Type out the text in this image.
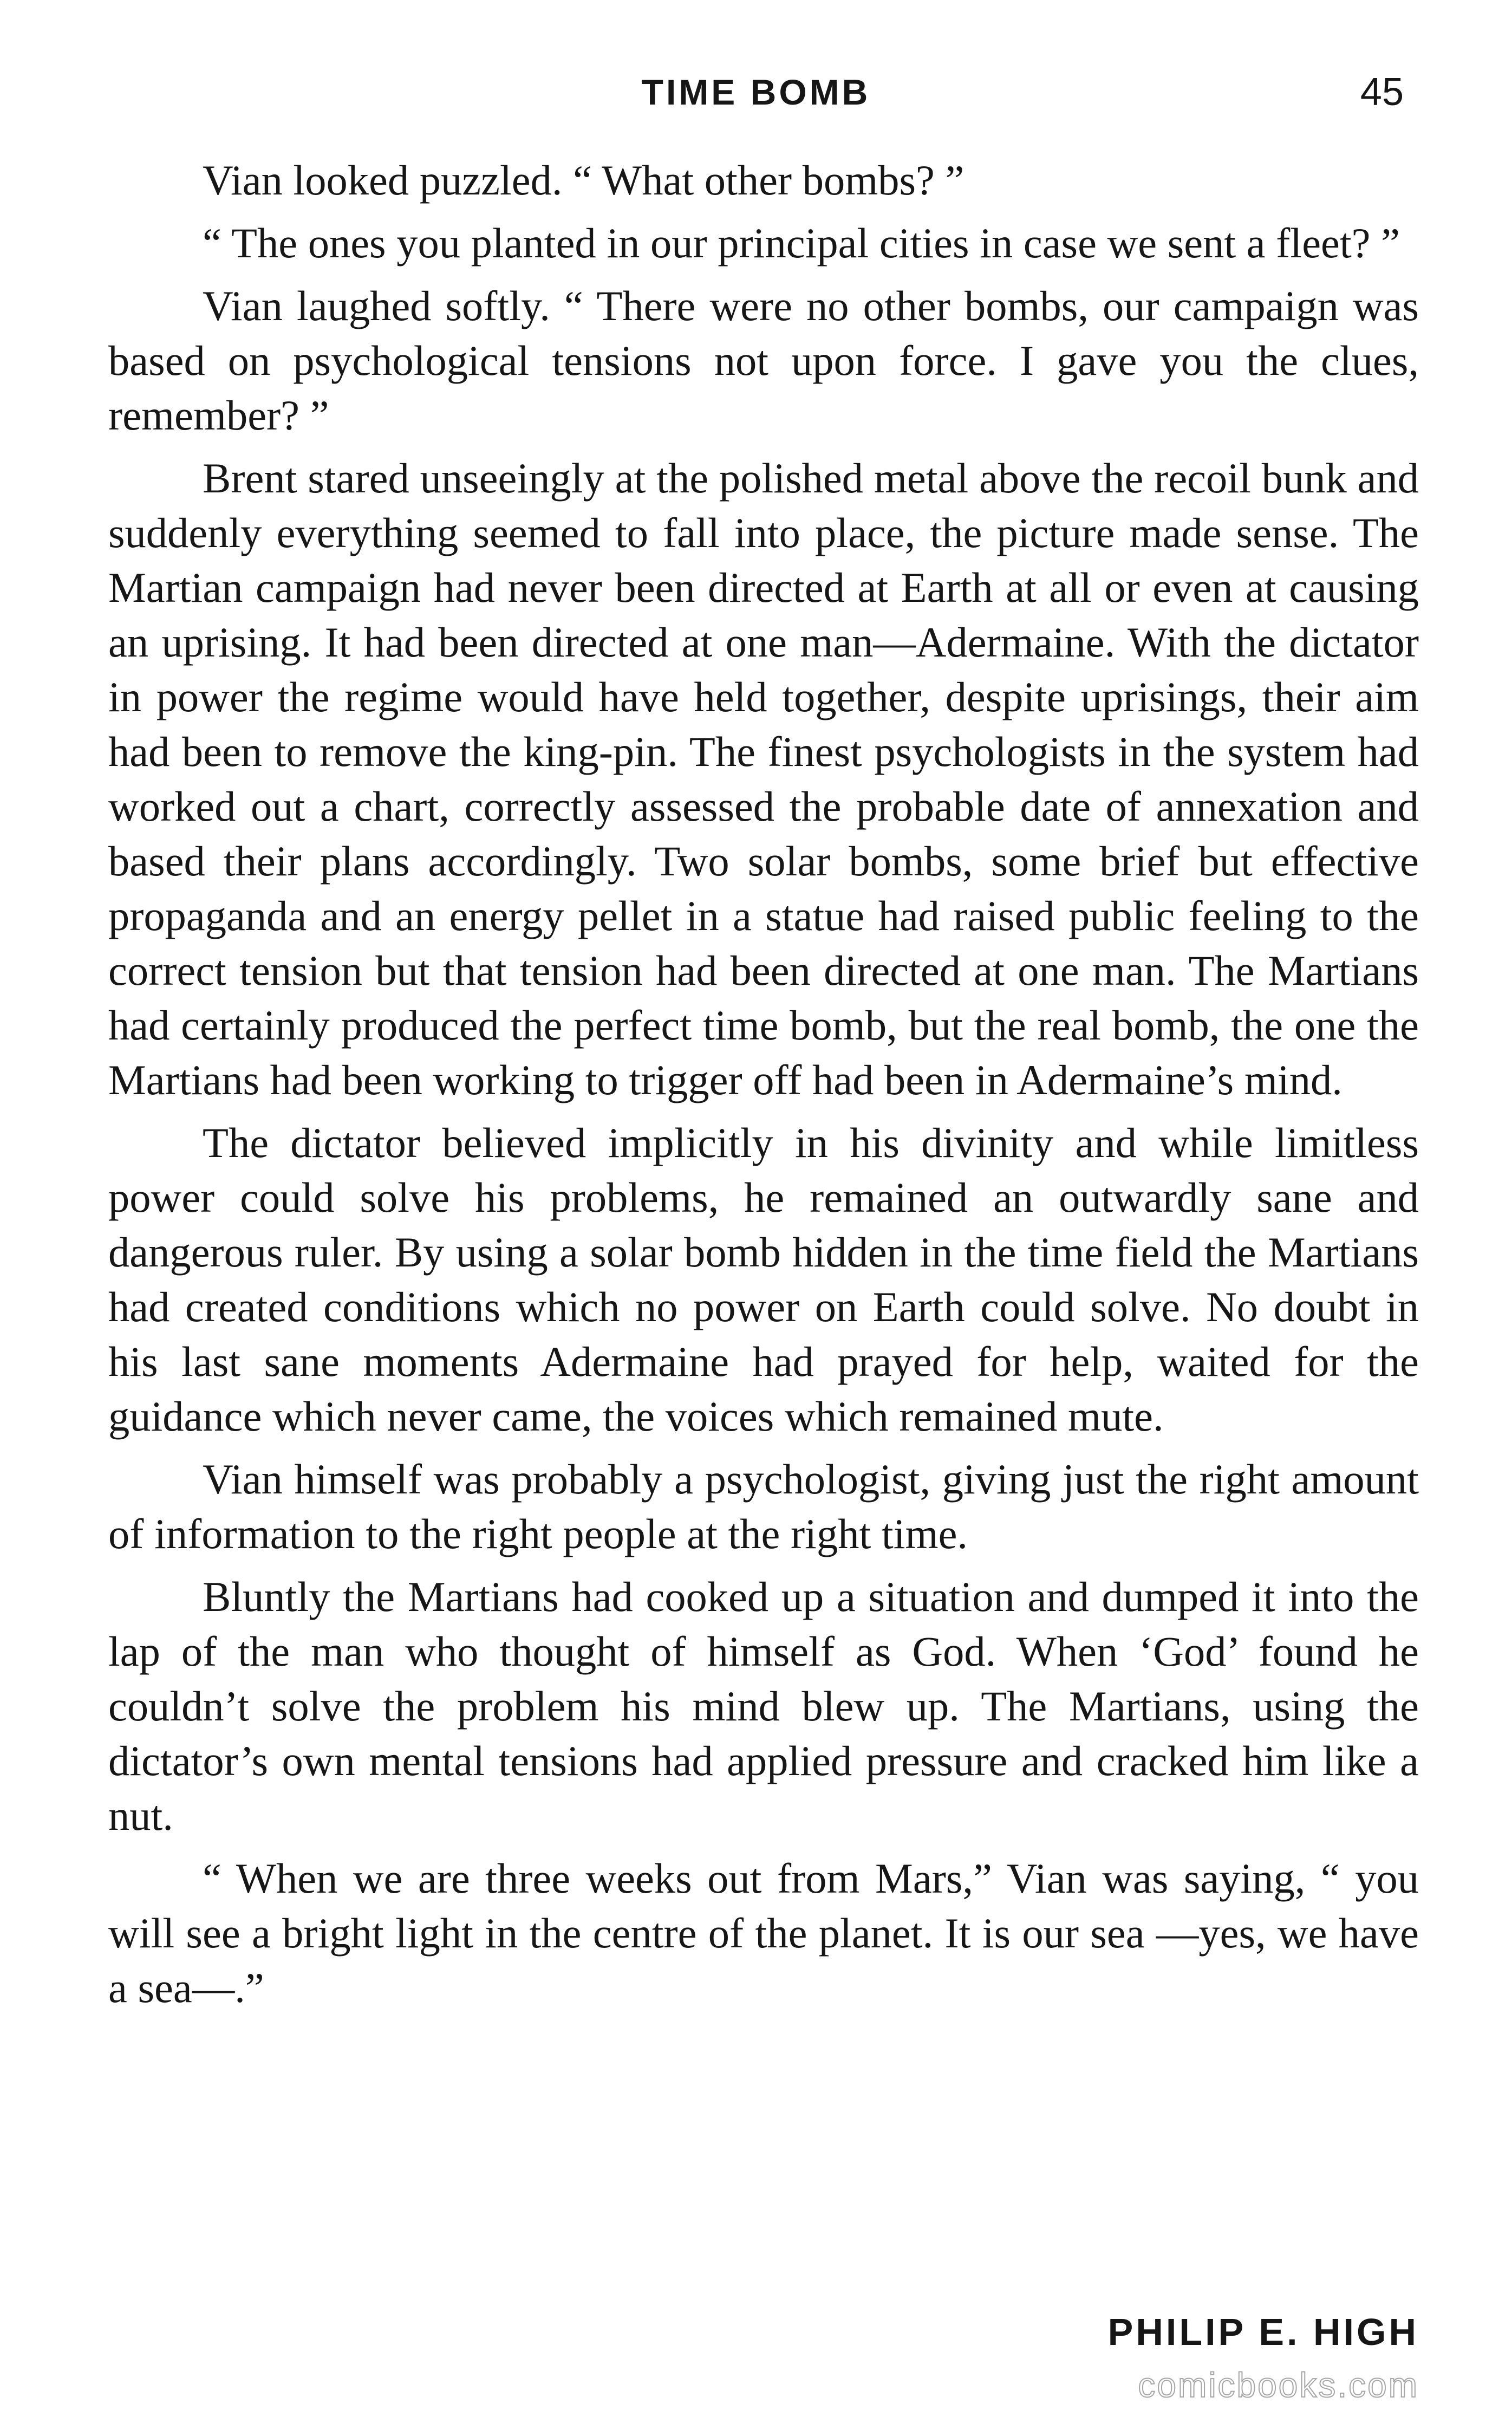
TIME BOMB	45

Vian looked puzzled. “ What other bombs? ”

“ The ones you planted in our principal cities in case we sent a fleet? ”

Vian laughed softly. “ There were no other bombs, our campaign was based on psychological tensions not upon force. I gave you the clues, remember? ”

Brent stared unseeingly at the polished metal above the recoil bunk and suddenly everything seemed to fall into place, the picture made sense. The Martian campaign had never been directed at Earth at all or even at causing an uprising. It had been directed at one man—Adermaine. With the dictator in power the regime would have held together, despite uprisings, their aim had been to remove the king-pin. The finest psychologists in the system had worked out a chart, correctly assessed the probable date of annexation and based their plans accordingly. Two solar bombs, some brief but effective propaganda and an energy pellet in a statue had raised public feeling to the correct tension but that tension had been directed at one man. The Martians had certainly produced the perfect time bomb, but the real bomb, the one the Martians had been working to trigger off had been in Adermaine’s mind.

The dictator believed implicitly in his divinity and while limitless power could solve his problems, he remained an outwardly sane and dangerous ruler. By using a solar bomb hidden in the time field the Martians had created conditions which no power on Earth could solve. No doubt in his last sane moments Adermaine had prayed for help, waited for the guidance which never came, the voices which remained mute.

Vian himself was probably a psychologist, giving just the right amount of information to the right people at the right time.

Bluntly the Martians had cooked up a situation and dumped it into the lap of the man who thought of himself as God. When ‘God’ found he couldn’t solve the problem his mind blew up. The Martians, using the dictator’s own mental tensions had applied pressure and cracked him like a nut.

“ When we are three weeks out from Mars,” Vian was saying, “ you will see a bright light in the centre of the planet. It is our sea —yes, we have a sea—.”

PHILIP E. HIGH
comicbooks.com
